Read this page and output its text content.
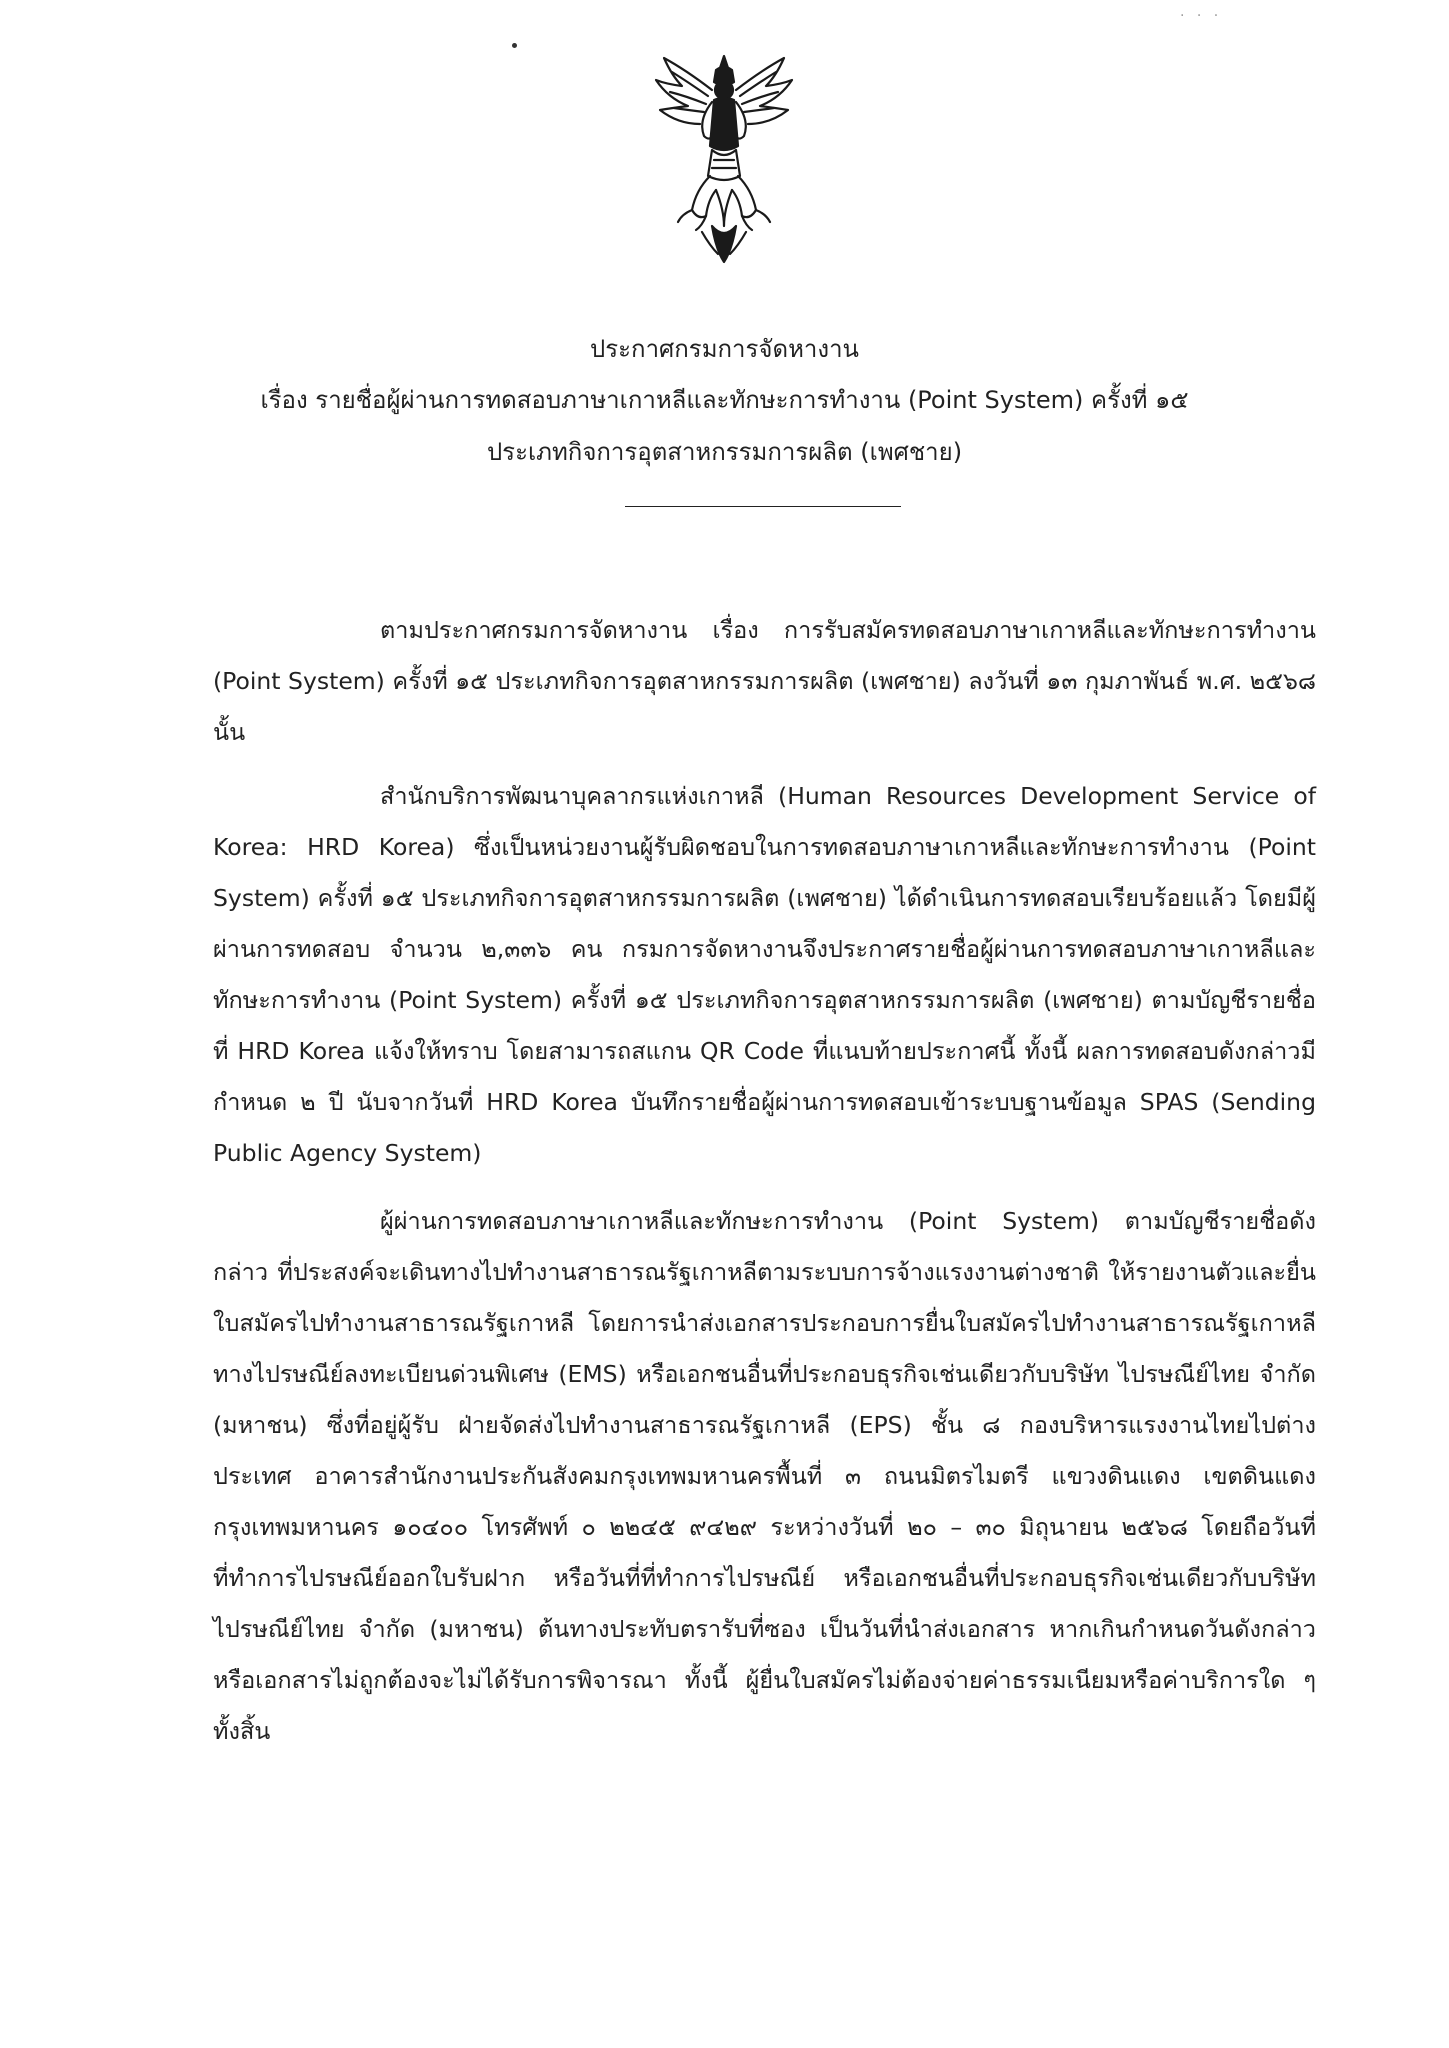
· · ·
ประกาศกรมการจัดหางาน
เรื่อง รายชื่อผู้ผ่านการทดสอบภาษาเกาหลีและทักษะการทำงาน (Point System) ครั้งที่ ๑๕
ประเภทกิจการอุตสาหกรรมการผลิต (เพศชาย)

ตามประกาศกรมการจัดหางาน เรื่อง การรับสมัครทดสอบภาษาเกาหลีและทักษะการทำงาน (Point System) ครั้งที่ ๑๕ ประเภทกิจการอุตสาหกรรมการผลิต (เพศชาย) ลงวันที่ ๑๓ กุมภาพันธ์ พ.ศ. ๒๕๖๘ นั้น

สำนักบริการพัฒนาบุคลากรแห่งเกาหลี (Human Resources Development Service of Korea: HRD Korea) ซึ่งเป็นหน่วยงานผู้รับผิดชอบในการทดสอบภาษาเกาหลีและทักษะการทำงาน (Point System) ครั้งที่ ๑๕ ประเภทกิจการอุตสาหกรรมการผลิต (เพศชาย) ได้ดำเนินการทดสอบเรียบร้อยแล้ว โดยมีผู้ผ่านการทดสอบ จำนวน ๒,๓๓๖ คน กรมการจัดหางานจึงประกาศรายชื่อผู้ผ่านการทดสอบภาษาเกาหลีและทักษะการทำงาน (Point System) ครั้งที่ ๑๕ ประเภทกิจการอุตสาหกรรมการผลิต (เพศชาย) ตามบัญชีรายชื่อที่ HRD Korea แจ้งให้ทราบ โดยสามารถสแกน QR Code ที่แนบท้ายประกาศนี้ ทั้งนี้ ผลการทดสอบดังกล่าวมีกำหนด ๒ ปี นับจากวันที่ HRD Korea บันทึกรายชื่อผู้ผ่านการทดสอบเข้าระบบฐานข้อมูล SPAS (Sending Public Agency System)

ผู้ผ่านการทดสอบภาษาเกาหลีและทักษะการทำงาน (Point System) ตามบัญชีรายชื่อดังกล่าว ที่ประสงค์จะเดินทางไปทำงานสาธารณรัฐเกาหลีตามระบบการจ้างแรงงานต่างชาติ ให้รายงานตัวและยื่นใบสมัครไปทำงานสาธารณรัฐเกาหลี โดยการนำส่งเอกสารประกอบการยื่นใบสมัครไปทำงานสาธารณรัฐเกาหลี ทางไปรษณีย์ลงทะเบียนด่วนพิเศษ (EMS) หรือเอกชนอื่นที่ประกอบธุรกิจเช่นเดียวกับบริษัท ไปรษณีย์ไทย จำกัด (มหาชน) ซึ่งที่อยู่ผู้รับ ฝ่ายจัดส่งไปทำงานสาธารณรัฐเกาหลี (EPS) ชั้น ๘ กองบริหารแรงงานไทยไปต่างประเทศ อาคารสำนักงานประกันสังคมกรุงเทพมหานครพื้นที่ ๓ ถนนมิตรไมตรี แขวงดินแดง เขตดินแดง กรุงเทพมหานคร ๑๐๔๐๐ โทรศัพท์ ๐ ๒๒๔๕ ๙๔๒๙ ระหว่างวันที่ ๒๐ – ๓๐ มิถุนายน ๒๕๖๘ โดยถือวันที่ที่ทำการไปรษณีย์ออกใบรับฝาก หรือวันที่ที่ทำการไปรษณีย์ หรือเอกชนอื่นที่ประกอบธุรกิจเช่นเดียวกับบริษัท ไปรษณีย์ไทย จำกัด (มหาชน) ต้นทางประทับตรารับที่ซอง เป็นวันที่นำส่งเอกสาร หากเกินกำหนดวันดังกล่าวหรือเอกสารไม่ถูกต้องจะไม่ได้รับการพิจารณา ทั้งนี้ ผู้ยื่นใบสมัครไม่ต้องจ่ายค่าธรรมเนียมหรือค่าบริการใด ๆ ทั้งสิ้น
